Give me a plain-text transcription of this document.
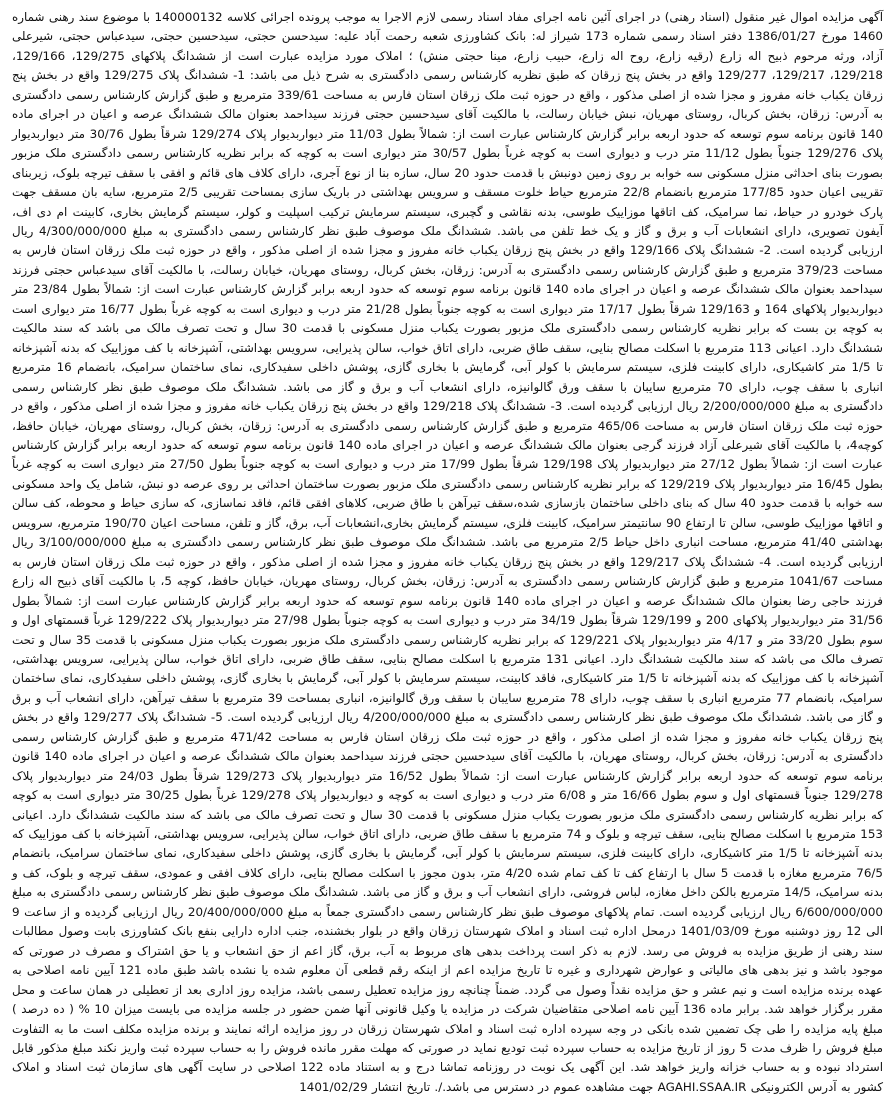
آگهی مزایده اموال غیر منقول (اسناد رهنی) در اجرای آئین نامه اجرای مفاد اسناد رسمی لازم الاجرا به موجب پرونده اجرائی کلاسه 140000132 با موضوع سند رهنی شماره 1460 مورخ 1386/01/27 دفتر اسناد رسمی شماره 173 شیراز له: بانک کشاورزی شعبه رحمت آباد علیه: سیدحسن حجتی، سیدحسین حجتی، سیدعباس حجتی، شیرعلی آزاد، ورثه مرحوم ذبیح اله زارع (رقیه زارع، روح اله زارع، حبیب زارع، مینا حجتی منش) ؛ املاک مورد مزایده عبارت است از ششدانگ پلاکهای 129/275، 129/166، 129/218، 129/217، 129/277 واقع در بخش پنج زرقان که طبق نظریه کارشناس رسمی دادگستری به شرح ذیل می باشد: 1- ششدانگ پلاک 129/275 واقع در بخش پنج زرقان یکباب خانه مفروز و مجزا شده از اصلی مذکور ، واقع در حوزه ثبت ملک زرقان استان فارس به مساحت 339/61 مترمربع و طبق گزارش کارشناس رسمی دادگستری به آدرس: زرقان، بخش کربال، روستای مهریان، نبش خیابان رسالت، با مالکیت آقای سیدحسین حجتی فرزند سیداحمد بعنوان مالک ششدانگ عرصه و اعیان در اجرای ماده 140 قانون برنامه سوم توسعه که حدود اربعه برابر گزارش کارشناس عبارت است از: شمالاً بطول 11/03 متر دیواربدیوار پلاک 129/274 شرقاً بطول 30/76 متر دیواربدیوار پلاک 129/276 جنوباً بطول 11/12 متر درب و دیواری است به کوچه غرباً بطول 30/57 متر دیواری است به کوچه که برابر نظریه کارشناس رسمی دادگستری ملک مزبور بصورت بنای احداثی منزل مسکونی سه خوابه بر روی زمین دونبش با قدمت حدود 20 سال، سازه بنا از نوع آجری، دارای کلاف های قائم و افقی با سقف تیرچه بلوک، زیربنای تقریبی اعیان حدود 177/85 مترمربع بانضمام 22/8 مترمربع حیاط خلوت مسقف و سرویس بهداشتی در باریک سازی بمساحت تقریبی 2/5 مترمربع، سایه بان مسقف جهت پارک خودرو در حیاط، نما سرامیک، کف اتاقها موزاییک طوسی، بدنه نقاشی و گچبری، سیستم سرمایش ترکیب اسپلیت و کولر، سیستم گرمایش بخاری، کابینت ام دی اف، آیفون تصویری، دارای انشعابات آب و برق و گاز و یک خط تلفن می باشد. ششدانگ ملک موصوف طبق نظر کارشناس رسمی دادگستری به مبلغ 4/300/000/000 ریال ارزیابی گردیده است. 2- ششدانگ پلاک 129/166 واقع در بخش پنج زرقان یکباب خانه مفروز و مجزا شده از اصلی مذکور ، واقع در حوزه ثبت ملک زرقان استان فارس به مساحت 379/23 مترمربع و طبق گزارش کارشناس رسمی دادگستری به آدرس: زرقان، بخش کربال، روستای مهریان، خیابان رسالت، با مالکیت آقای سیدعباس حجتی فرزند سیداحمد بعنوان مالک ششدانگ عرصه و اعیان در اجرای ماده 140 قانون برنامه سوم توسعه که حدود اربعه برابر گزارش کارشناس عبارت است از: شمالاً بطول 23/84 متر دیواربدیوار پلاکهای 164 و 129/163 شرقاً بطول 17/17 متر دیواری است به کوچه جنوباً بطول 21/28 متر درب و دیواری است به کوچه غرباً بطول 16/77 متر دیواری است به کوچه بن بست که برابر نظریه کارشناس رسمی دادگستری ملک مزبور بصورت یکباب منزل مسکونی با قدمت 30 سال و تحت تصرف مالک می باشد که سند مالکیت ششدانگ دارد. اعیانی 113 مترمربع با اسکلت مصالح بنایی، سقف طاق ضربی، دارای اتاق خواب، سالن پذیرایی، سرویس بهداشتی، آشپزخانه با کف موزاییک که بدنه آشپزخانه تا 1/5 متر کاشیکاری، دارای کابینت فلزی، سیستم سرمایش با کولر آبی، گرمایش با بخاری گازی، پوشش داخلی سفیدکاری، نمای ساختمان سرامیک، بانضمام 16 مترمربع انباری با سقف چوب، دارای 70 مترمربع سایبان با سقف ورق گالوانیزه، دارای انشعاب آب و برق و گاز می باشد. ششدانگ ملک موصوف طبق نظر کارشناس رسمی دادگستری به مبلغ 2/200/000/000 ریال ارزیابی گردیده است. 3- ششدانگ پلاک 129/218 واقع در بخش پنج زرقان یکباب خانه مفروز و مجزا شده از اصلی مذکور ، واقع در حوزه ثبت ملک زرقان استان فارس به مساحت 465/06 مترمربع و طبق گزارش کارشناس رسمی دادگستری به آدرس: زرقان، بخش کربال، روستای مهریان، خیابان حافظ، کوچه4، با مالکیت آقای شیرعلی آزاد فرزند گرجی بعنوان مالک ششدانگ عرصه و اعیان در اجرای ماده 140 قانون برنامه سوم توسعه که حدود اربعه برابر گزارش کارشناس عبارت است از: شمالاً بطول 27/12 متر دیواربدیوار پلاک 129/198 شرقاً بطول 17/99 متر درب و دیواری است به کوچه جنوباً بطول 27/50 متر دیواری است به کوچه غرباً بطول 16/45 متر دیواربدیوار پلاک 129/219 که برابر نظریه کارشناس رسمی دادگستری ملک مزبور بصورت ساختمان احداثی بر روی عرصه دو نبش، شامل یک واحد مسکونی سه خوابه با قدمت حدود 40 سال که بنای داخلی ساختمان بازسازی شده،سقف تیرآهن با طاق ضربی، کلاهای افقی قائم، فاقد نماسازی، که سازی حیاط و محوطه، کف سالن و اتاقها موزاییک طوسی، سالن تا ارتفاع 90 سانتیمتر سرامیک، کابینت فلزی، سیستم گرمایش بخاری،انشعابات آب، برق، گاز و تلفن، مساحت اعیان 190/70 مترمربع، سرویس بهداشتی 41/40 مترمربع، مساحت انباری داخل حیاط 2/5 مترمربع می باشد. ششدانگ ملک موصوف طبق نظر کارشناس رسمی دادگستری به مبلغ 3/100/000/000 ریال ارزیابی گردیده است. 4- ششدانگ پلاک 129/217 واقع در بخش پنج زرقان یکباب خانه مفروز و مجزا شده از اصلی مذکور ، واقع در حوزه ثبت ملک زرقان استان فارس به مساحت 1041/67 مترمربع و طبق گزارش کارشناس رسمی دادگستری به آدرس: زرقان، بخش کربال، روستای مهریان، خیابان حافظ، کوچه 5، با مالکیت آقای ذبیح اله زارع فرزند حاجی رضا بعنوان مالک ششدانگ عرصه و اعیان در اجرای ماده 140 قانون برنامه سوم توسعه که حدود اربعه برابر گزارش کارشناس عبارت است از: شمالاً بطول 31/56 متر دیواربدیوار پلاکهای 200 و 129/199 شرقاً بطول 34/19 متر درب و دیواری است به کوچه جنوباً بطول 27/98 متر دیواربدیوار پلاک 129/222 غرباً قسمتهای اول و سوم بطول 33/20 متر و 4/17 متر دیواربدیوار پلاک 129/221 که برابر نظریه کارشناس رسمی دادگستری ملک مزبور بصورت یکباب منزل مسکونی با قدمت 35 سال و تحت تصرف مالک می باشد که سند مالکیت ششدانگ دارد. اعیانی 131 مترمربع با اسکلت مصالح بنایی، سقف طاق ضربی، دارای اتاق خواب، سالن پذیرایی، سرویس بهداشتی، آشپزخانه با کف موزاییک که بدنه آشپزخانه تا 1/5 متر کاشیکاری، فاقد کابینت، سیستم سرمایش با کولر آبی، گرمایش با بخاری گازی، پوشش داخلی سفیدکاری، نمای ساختمان سرامیک، بانضمام 77 مترمربع انباری با سقف چوب، دارای 78 مترمربع سایبان با سقف ورق گالوانیزه، انباری بمساحت 39 مترمربع با سقف تیرآهن، دارای انشعاب آب و برق و گاز می باشد. ششدانگ ملک موصوف طبق نظر کارشناس رسمی دادگستری به مبلغ 4/200/000/000 ریال ارزیابی گردیده است. 5- ششدانگ پلاک 129/277 واقع در بخش پنج زرقان یکباب خانه مفروز و مجزا شده از اصلی مذکور ، واقع در حوزه ثبت ملک زرقان استان فارس به مساحت 471/42 مترمربع و طبق گزارش کارشناس رسمی دادگستری به آدرس: زرقان، بخش کربال، روستای مهریان، با مالکیت آقای سیدحسین حجتی فرزند سیداحمد بعنوان مالک ششدانگ عرصه و اعیان در اجرای ماده 140 قانون برنامه سوم توسعه که حدود اربعه برابر گزارش کارشناس عبارت است از: شمالاً بطول 16/52 متر دیواربدیوار پلاک 129/273 شرقاً بطول 24/03 متر دیواربدیوار پلاک 129/278 جنوباً قسمتهای اول و سوم بطول 16/66 متر و 6/08 متر درب و دیواری است به کوچه و دیواربدیوار پلاک 129/278 غرباً بطول 30/25 متر دیواری است به کوچه که برابر نظریه کارشناس رسمی دادگستری ملک مزبور بصورت یکباب منزل مسکونی با قدمت 30 سال و تحت تصرف مالک می باشد که سند مالکیت ششدانگ دارد. اعیانی 153 مترمربع با اسکلت مصالح بنایی، سقف تیرچه و بلوک و 74 مترمربع با سقف طاق ضربی، دارای اتاق خواب، سالن پذیرایی، سرویس بهداشتی، آشپزخانه با کف موزاییک که بدنه آشپزخانه تا 1/5 متر کاشیکاری، دارای کابینت فلزی، سیستم سرمایش با کولر آبی، گرمایش با بخاری گازی، پوشش داخلی سفیدکاری، نمای ساختمان سرامیک، بانضمام 76/5 مترمربع مغازه با قدمت 5 سال با ارتفاع کف تا کف تمام شده 4/20 متر، بدون مجوز با اسکلت مصالح بنایی، دارای کلاف افقی و عمودی، سقف تیرچه و بلوک، کف و بدنه سرامیک، 14/5 مترمربع بالکن داخل مغازه، لباس فروشی، دارای انشعاب آب و برق و گاز می باشد. ششدانگ ملک موصوف طبق نظر کارشناس رسمی دادگستری به مبلغ 6/600/000/000 ریال ارزیابی گردیده است. تمام پلاکهای موصوف طبق نظر کارشناس رسمی دادگستری جمعاً به مبلغ 20/400/000/000 ریال ارزیابی گردیده و از ساعت 9 الی 12 روز دوشنبه مورخ 1401/03/09 درمحل اداره ثبت اسناد و املاک شهرستان زرقان واقع در بلوار بخشنده، جنب اداره دارایی بنفع بانک کشاورزی بابت وصول مطالبات سند رهنی از طریق مزایده به فروش می رسد. لازم به ذکر است پرداخت بدهی های مربوط به آب، برق، گاز اعم از حق انشعاب و یا حق اشتراک و مصرف در صورتی که موجود باشد و نیز بدهی های مالیاتی و عوارض شهرداری و غیره تا تاریخ مزایده اعم از اینکه رقم قطعی آن معلوم شده یا نشده باشد طبق ماده 121 آیین نامه اصلاحی به عهده برنده مزایده است و نیم عشر و حق مزایده نقداً وصول می گردد. ضمناً چنانچه روز مزایده تعطیل رسمی باشد، مزایده روز اداری بعد از تعطیلی در همان ساعت و محل مقرر برگزار خواهد شد. برابر ماده 136 آیین نامه اصلاحی متقاضیان شرکت در مزایده یا وکیل قانونی آنها ضمن حضور در جلسه مزایده می بایست میزان 10 % ( ده درصد ) مبلغ پایه مزایده را طی چک تضمین شده بانکی در وجه سپرده اداره ثبت اسناد و املاک شهرستان زرقان در روز مزایده ارائه نمایند و برنده مزایده مکلف است ما به التفاوت مبلغ فروش را ظرف مدت 5 روز از تاریخ مزایده به حساب سپرده ثبت تودیع نماید در صورتی که مهلت مقرر مانده فروش را به حساب سپرده ثبت واریز نکند مبلغ مذکور قابل استرداد نبوده و به حساب خزانه واریز خواهد شد. این آگهی یک نوبت در روزنامه تماشا درج و به استناد ماده 122 اصلاحی در سایت آگهی های سازمان ثبت اسناد و املاک کشور به آدرس الکترونیکی AGAHI.SSAA.IR جهت مشاهده عموم در دسترس می باشد./. تاریخ انتشار 1401/02/29
